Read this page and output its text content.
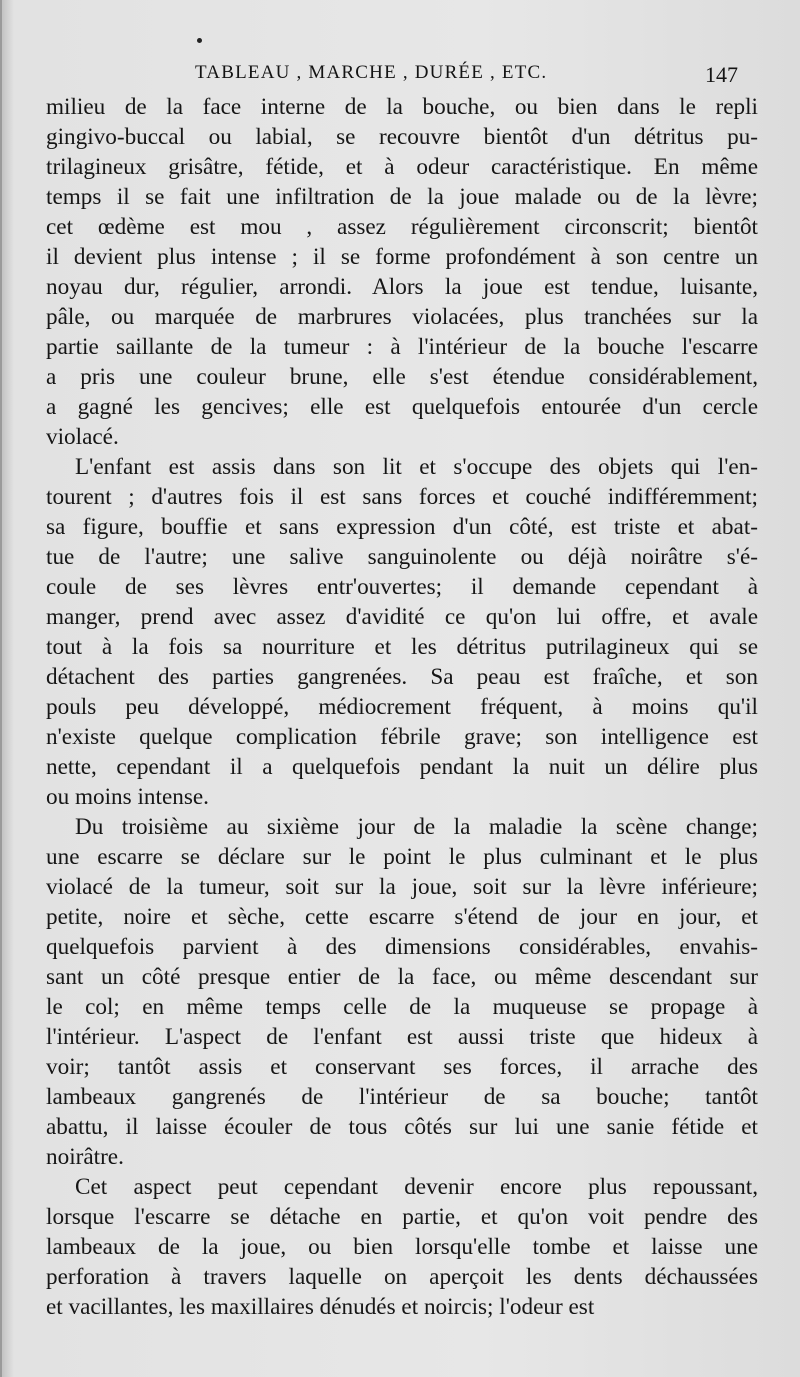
TABLEAU , MARCHE , DURÉE , ETC.	147
milieu de la face interne de la bouche, ou bien dans le repli
gingivo-buccal ou labial, se recouvre bientôt d'un détritus pu-
trilagineux grisâtre, fétide, et à odeur caractéristique. En même
temps il se fait une infiltration de la joue malade ou de la lèvre;
cet œdème est mou , assez régulièrement circonscrit; bientôt
il devient plus intense ; il se forme profondément à son centre un
noyau dur, régulier, arrondi. Alors la joue est tendue, luisante,
pâle, ou marquée de marbrures violacées, plus tranchées sur la
partie saillante de la tumeur : à l'intérieur de la bouche l'escarre
a pris une couleur brune, elle s'est étendue considérablement,
a gagné les gencives; elle est quelquefois entourée d'un cercle
violacé.
L'enfant est assis dans son lit et s'occupe des objets qui l'en-
tourent ; d'autres fois il est sans forces et couché indifféremment;
sa figure, bouffie et sans expression d'un côté, est triste et abat-
tue de l'autre; une salive sanguinolente ou déjà noirâtre s'é-
coule de ses lèvres entr'ouvertes; il demande cependant à
manger, prend avec assez d'avidité ce qu'on lui offre, et avale
tout à la fois sa nourriture et les détritus putrilagineux qui se
détachent des parties gangrenées. Sa peau est fraîche, et son
pouls peu développé, médiocrement fréquent, à moins qu'il
n'existe quelque complication fébrile grave; son intelligence est
nette, cependant il a quelquefois pendant la nuit un délire plus
ou moins intense.
Du troisième au sixième jour de la maladie la scène change;
une escarre se déclare sur le point le plus culminant et le plus
violacé de la tumeur, soit sur la joue, soit sur la lèvre inférieure;
petite, noire et sèche, cette escarre s'étend de jour en jour, et
quelquefois parvient à des dimensions considérables, envahis-
sant un côté presque entier de la face, ou même descendant sur
le col; en même temps celle de la muqueuse se propage à
l'intérieur. L'aspect de l'enfant est aussi triste que hideux à
voir; tantôt assis et conservant ses forces, il arrache des
lambeaux gangrenés de l'intérieur de sa bouche; tantôt
abattu, il laisse écouler de tous côtés sur lui une sanie fétide et
noirâtre.
Cet aspect peut cependant devenir encore plus repoussant,
lorsque l'escarre se détache en partie, et qu'on voit pendre des
lambeaux de la joue, ou bien lorsqu'elle tombe et laisse une
perforation à travers laquelle on aperçoit les dents déchaussées
et vacillantes, les maxillaires dénudés et noircis; l'odeur est
